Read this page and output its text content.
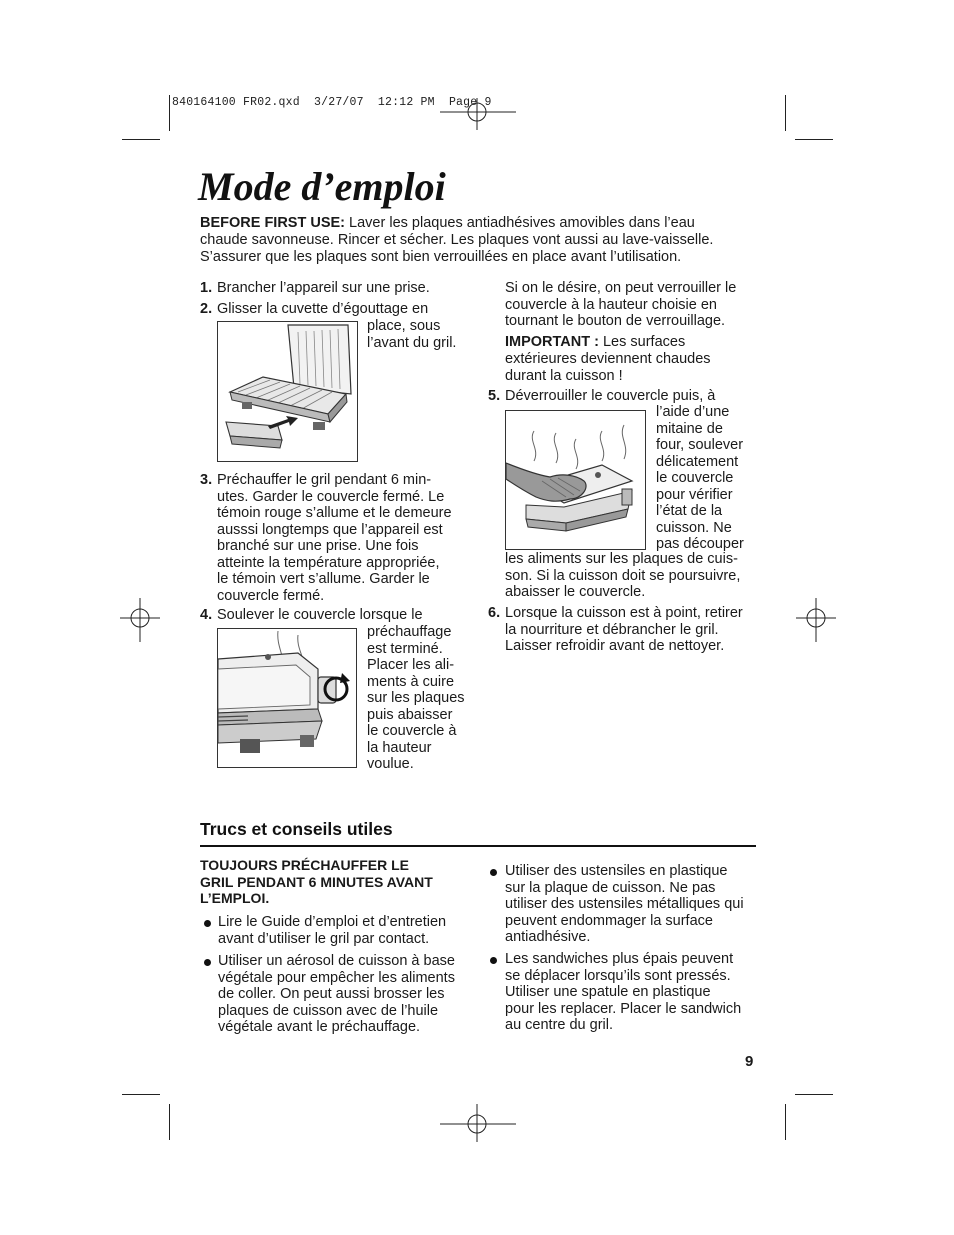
840164100 FR02.qxd  3/27/07  12:12 PM  Page 9
Mode d’emploi
BEFORE FIRST USE: Laver les plaques antiadhésives amovibles dans l’eau
chaude savonneuse. Rincer et sécher. Les plaques vont aussi au lave-vaisselle.
S’assurer que les plaques sont bien verrouillées en place avant l’utilisation.
1. Brancher l’appareil sur une prise.
2. Glisser la cuvette d’égouttage en
place, sous
l’avant du gril.
3. Préchauffer le gril pendant 6 min-
utes. Garder le couvercle fermé. Le
témoin rouge s’allume et le demeure
ausssi longtemps que l’appareil est
branché sur une prise. Une fois
atteinte la température appropriée,
le témoin vert s’allume. Garder le
couvercle fermé.
4. Soulever le couvercle lorsque le
préchauffage
est terminé.
Placer les ali-
ments à cuire
sur les plaques
puis abaisser
le couvercle à
la hauteur
voulue.
Si on le désire, on peut verrouiller le
couvercle à la hauteur choisie en
tournant le bouton de verrouillage.
IMPORTANT : Les surfaces
extérieures deviennent chaudes
durant la cuisson !
5. Déverrouiller le couvercle puis, à
l’aide d’une
mitaine de
four, soulever
délicatement
le couvercle
pour vérifier
l’état de la
cuisson. Ne
pas découper
les aliments sur les plaques de cuis-
son. Si la cuisson doit se poursuivre,
abaisser le couvercle.
6. Lorsque la cuisson est à point, retirer
la nourriture et débrancher le gril.
Laisser refroidir avant de nettoyer.
Trucs et conseils utiles
TOUJOURS PRÉCHAUFFER LE
GRIL PENDANT 6 MINUTES AVANT
L’EMPLOI.
Lire le Guide d’emploi et d’entretien
avant d’utiliser le gril par contact.
Utiliser un aérosol de cuisson à base
végétale pour empêcher les aliments
de coller. On peut aussi brosser les
plaques de cuisson avec de l’huile
végétale avant le préchauffage.
Utiliser des ustensiles en plastique
sur la plaque de cuisson. Ne pas
utiliser des ustensiles métalliques qui
peuvent endommager la surface
antiadhésive.
Les sandwiches plus épais peuvent
se déplacer lorsqu’ils sont pressés.
Utiliser une spatule en plastique
pour les replacer. Placer le sandwich
au centre du gril.
9
